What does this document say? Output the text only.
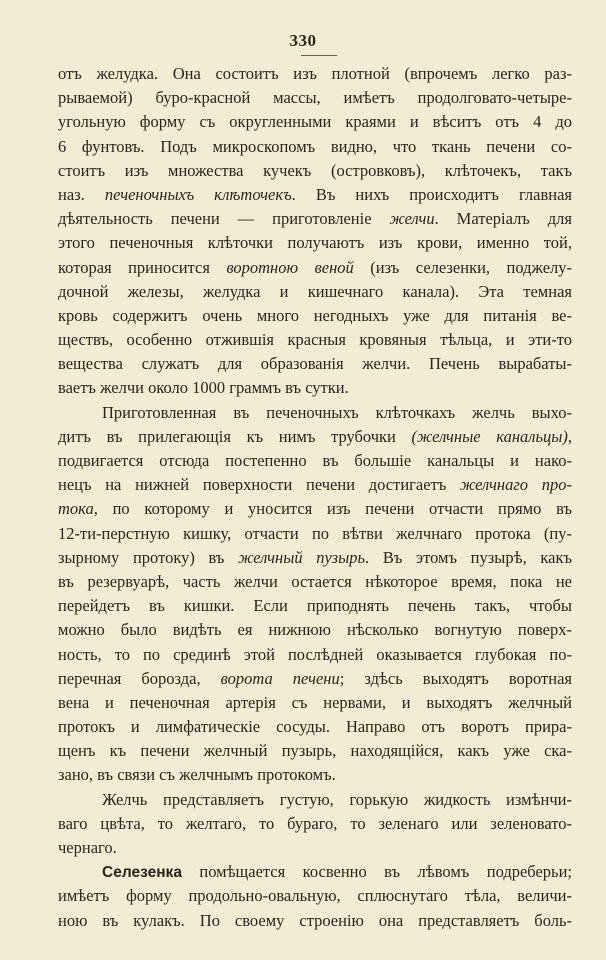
330
отъ желудка. Она состоитъ изъ плотной (впрочемъ легко раз-
рываемой) буро-красной массы, имѣетъ продолговато-четыре-
угольную форму съ округленными краями и вѣситъ отъ 4 до
6 фунтовъ. Подъ микроскопомъ видно, что ткань печени со-
стоитъ изъ множества кучекъ (островковъ), клѣточекъ, такъ
наз. печеночныхъ клѣточекъ. Въ нихъ происходитъ главная
дѣятельность печени — приготовленіе желчи. Матеріалъ для
этого печеночныя клѣточки получаютъ изъ крови, именно той,
которая приносится воротною веной (изъ селезенки, поджелу-
дочной железы, желудка и кишечнаго канала). Эта темная
кровь содержитъ очень много негодныхъ уже для питанія ве-
ществъ, особенно отжившія красныя кровяныя тѣльца, и эти-то
вещества служатъ для образованія желчи. Печень вырабаты-
ваетъ желчи около 1000 граммъ въ сутки.
Приготовленная въ печеночныхъ клѣточкахъ желчь выхо-
дитъ въ прилегающія къ нимъ трубочки (желчные канальцы),
подвигается отсюда постепенно въ большіе канальцы и нако-
нецъ на нижней поверхности печени достигаетъ желчнаго про-
тока, по которому и уносится изъ печени отчасти прямо въ
12-ти-перстную кишку, отчасти по вѣтви желчнаго протока (пу-
зырному протоку) въ желчный пузырь. Въ этомъ пузырѣ, какъ
въ резервуарѣ, часть желчи остается нѣкоторое время, пока не
перейдетъ въ кишки. Если приподнять печень такъ, чтобы
можно было видѣть ея нижнюю нѣсколько вогнутую поверх-
ность, то по срединѣ этой послѣдней оказывается глубокая по-
перечная борозда, ворота печени; здѣсь выходятъ воротная
вена и печеночная артерія съ нервами, и выходятъ желчный
протокъ и лимфатическіе сосуды. Направо отъ воротъ прира-
щенъ къ печени желчный пузырь, находящійся, какъ уже ска-
зано, въ связи съ желчнымъ протокомъ.
Желчь представляетъ густую, горькую жидкость измѣнчи-
ваго цвѣта, то желтаго, то бураго, то зеленаго или зеленовато-
чернаго.
Селезенка помѣщается косвенно въ лѣвомъ подреберьи;
имѣетъ форму продольно-овальную, сплюснутаго тѣла, величи-
ною въ кулакъ. По своему строенію она представляетъ боль-
